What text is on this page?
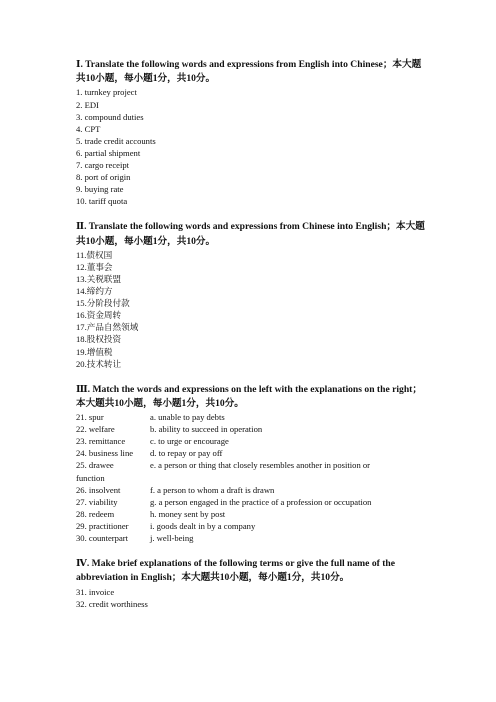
Ⅰ. Translate the following words and expressions from English into Chinese；本大题共10小题，每小题1分，共10分。

1. turnkey project
2. EDI
3. compound duties
4. CPT
5. trade credit accounts
6. partial shipment
7. cargo receipt
8. port of origin
9. buying rate
10. tariff quota

Ⅱ. Translate the following words and expressions from Chinese into English；本大题共10小题，每小题1分，共10分。

11.债权国
12.董事会
13.关税联盟
14.缔约方
15.分阶段付款
16.资金周转
17.产品自然领域
18.股权投资
19.增值税
20.技术转让

Ⅲ. Match the words and expressions on the left with the explanations on the right；本大题共10小题，每小题1分，共10分。

21. spur	a. unable to pay debts
22. welfare	b. ability to succeed in operation
23. remittance	c. to urge or encourage
24. business line	d. to repay or pay off
25. drawee	e. a person or thing that closely resembles another in position or
function
26. insolvent	f. a person to whom a draft is drawn
27. viability	g. a person engaged in the practice of a profession or occupation
28. redeem	h. money sent by post
29. practitioner	i. goods dealt in by a company
30. counterpart	j. well-being

Ⅳ. Make brief explanations of the following terms or give the full name of the abbreviation in English；本大题共10小题，每小题1分，共10分。

31. invoice
32. credit worthiness
